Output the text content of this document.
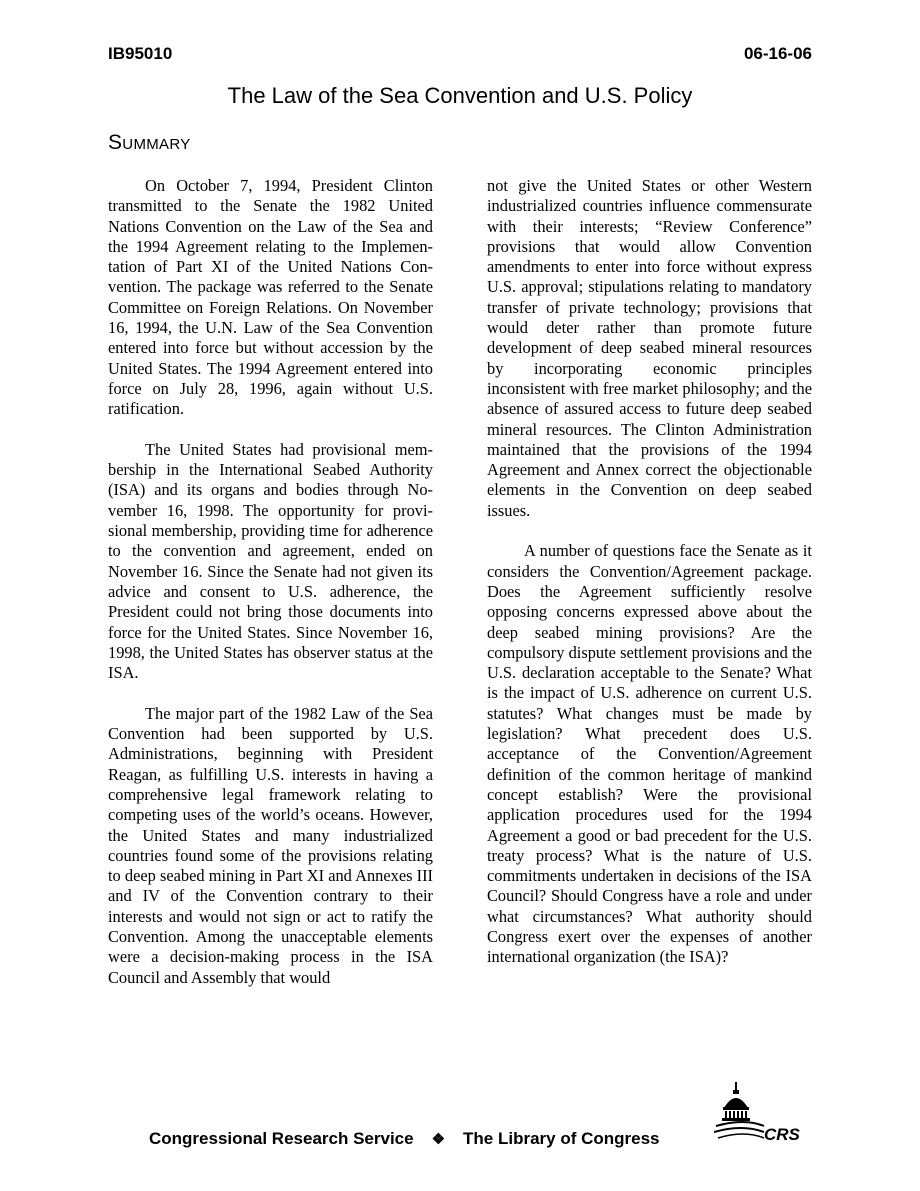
IB95010	06-16-06
The Law of the Sea Convention and U.S. Policy
Summary

On October 7, 1994, President Clinton transmitted to the Senate the 1982 United Nations Convention on the Law of the Sea and the 1994 Agreement relating to the Implementation of Part XI of the United Nations Convention. The package was referred to the Senate Committee on Foreign Relations. On November 16, 1994, the U.N. Law of the Sea Convention entered into force but without accession by the United States. The 1994 Agreement entered into force on July 28, 1996, again without U.S. ratification.

The United States had provisional membership in the International Seabed Authority (ISA) and its organs and bodies through November 16, 1998. The opportunity for provisional membership, providing time for adherence to the convention and agreement, ended on November 16. Since the Senate had not given its advice and consent to U.S. adherence, the President could not bring those documents into force for the United States. Since November 16, 1998, the United States has observer status at the ISA.

The major part of the 1982 Law of the Sea Convention had been supported by U.S. Administrations, beginning with President Reagan, as fulfilling U.S. interests in having a comprehensive legal framework relating to competing uses of the world’s oceans. However, the United States and many industrialized countries found some of the provisions relating to deep seabed mining in Part XI and Annexes III and IV of the Convention contrary to their interests and would not sign or act to ratify the Convention. Among the unacceptable elements were a decision-making process in the ISA Council and Assembly that would

not give the United States or other Western industrialized countries influence commensurate with their interests; “Review Conference” provisions that would allow Convention amendments to enter into force without express U.S. approval; stipulations relating to mandatory transfer of private technology; provisions that would deter rather than promote future development of deep seabed mineral resources by incorporating economic principles inconsistent with free market philosophy; and the absence of assured access to future deep seabed mineral resources. The Clinton Administration maintained that the provisions of the 1994 Agreement and Annex correct the objectionable elements in the Convention on deep seabed issues.

A number of questions face the Senate as it considers the Convention/Agreement package. Does the Agreement sufficiently resolve opposing concerns expressed above about the deep seabed mining provisions? Are the compulsory dispute settlement provisions and the U.S. declaration acceptable to the Senate? What is the impact of U.S. adherence on current U.S. statutes? What changes must be made by legislation? What precedent does U.S. acceptance of the Convention/Agreement definition of the common heritage of mankind concept establish? Were the provisional application procedures used for the 1994 Agreement a good or bad precedent for the U.S. treaty process? What is the nature of U.S. commitments undertaken in decisions of the ISA Council? Should Congress have a role and under what circumstances? What authority should Congress exert over the expenses of another international organization (the ISA)?

Congressional Research Service ❖ The Library of Congress	CRS
